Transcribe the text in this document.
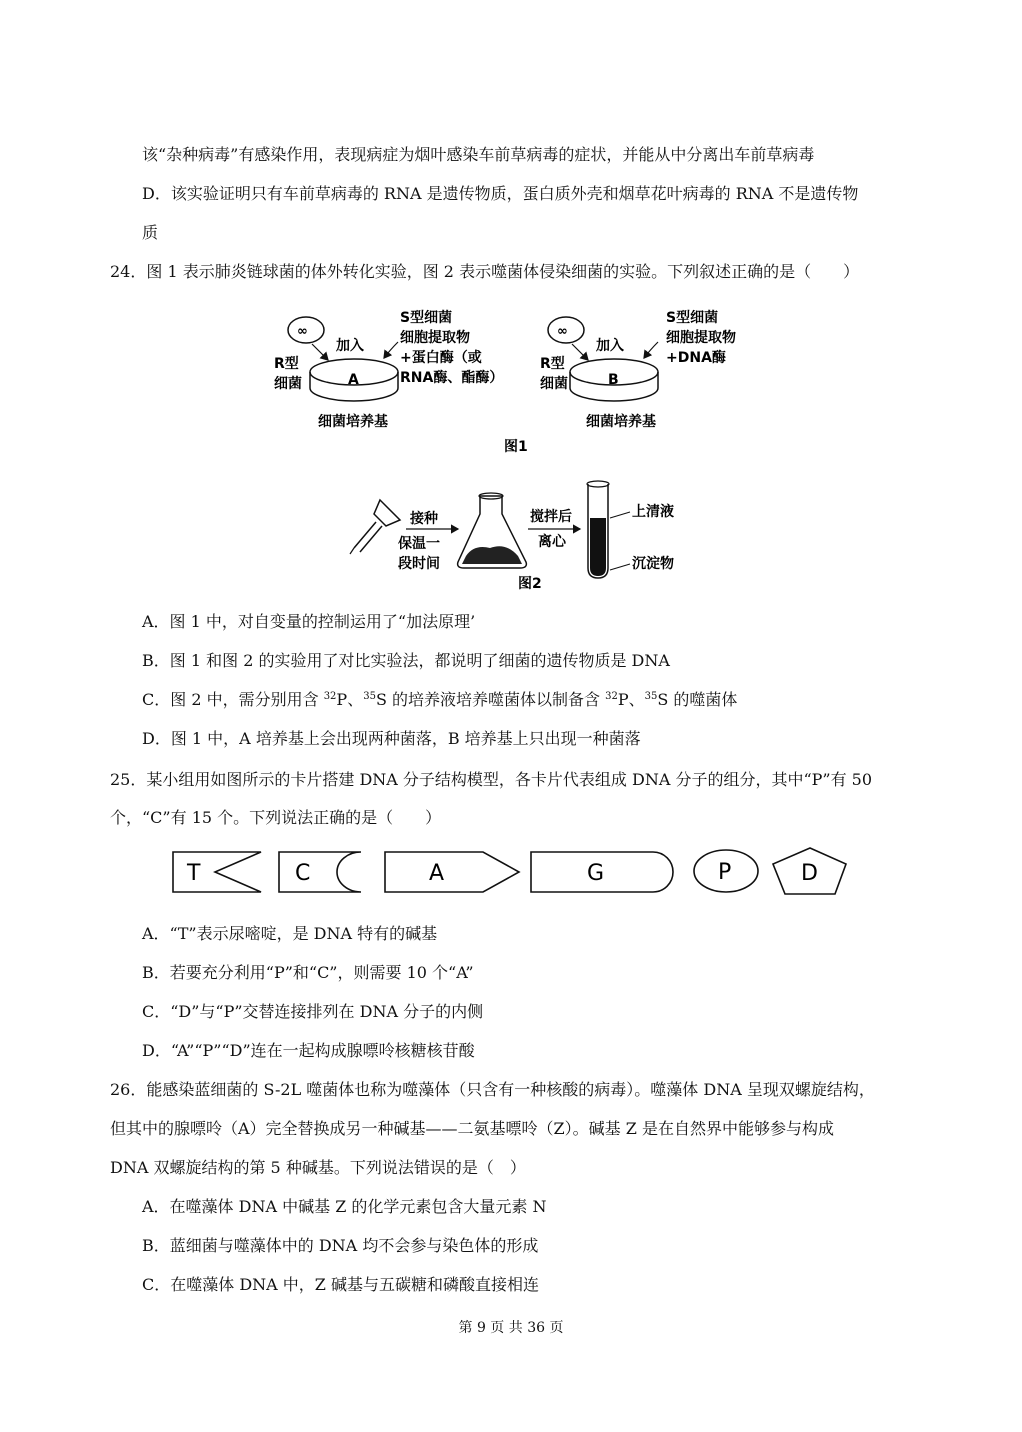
该“杂种病毒”有感染作用，表现病症为烟叶感染车前草病毒的症状，并能从中分离出车前草病毒
D．该实验证明只有车前草病毒的 RNA 是遗传物质，蛋白质外壳和烟草花叶病毒的 RNA 不是遗传物
质
24．图 1 表示肺炎链球菌的体外转化实验，图 2 表示噬菌体侵染细菌的实验。下列叙述正确的是（　　）
∞
R型
细菌
加入
A
S型细菌
细胞提取物
+蛋白酶（或
RNA酶、酯酶）
细菌培养基
∞
R型
细菌
加入
B
S型细菌
细胞提取物
+DNA酶
细菌培养基
图1
接种
保温一
段时间
搅拌后
离心
上清液
沉淀物
图2
A．图 1 中，对自变量的控制运用了“加法原理’
B．图 1 和图 2 的实验用了对比实验法，都说明了细菌的遗传物质是 DNA
C．图 2 中，需分别用含 $^{32}$P、$^{35}$S 的培养液培养噬菌体以制备含 $^{32}$P、$^{35}$S 的噬菌体
D．图 1 中，A 培养基上会出现两种菌落，B 培养基上只出现一种菌落
25．某小组用如图所示的卡片搭建 DNA 分子结构模型，各卡片代表组成 DNA 分子的组分，其中“P”有 50
个，“C”有 15 个。下列说法正确的是（　　）
T	C	A	G	P	D
A．“T”表示尿嘧啶，是 DNA 特有的碱基
B．若要充分利用“P”和“C”，则需要 10 个“A”
C．“D”与“P”交替连接排列在 DNA 分子的内侧
D．“A”“P”“D”连在一起构成腺嘌呤核糖核苷酸
26．能感染蓝细菌的 S-2L 噬菌体也称为噬藻体（只含有一种核酸的病毒）。噬藻体 DNA 呈现双螺旋结构，
但其中的腺嘌呤（A）完全替换成另一种碱基——二氨基嘌呤（Z）。碱基 Z 是在自然界中能够参与构成
DNA 双螺旋结构的第 5 种碱基。下列说法错误的是（　）
A．在噬藻体 DNA 中碱基 Z 的化学元素包含大量元素 N
B．蓝细菌与噬藻体中的 DNA 均不会参与染色体的形成
C．在噬藻体 DNA 中，Z 碱基与五碳糖和磷酸直接相连
第 9 页 共 36 页
